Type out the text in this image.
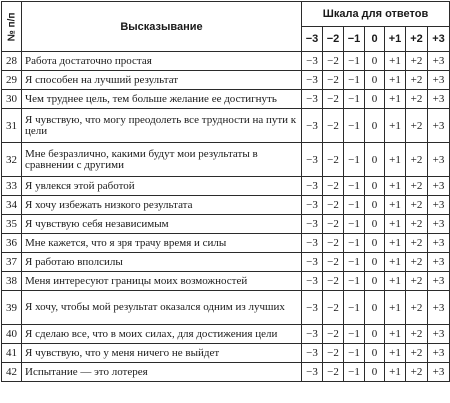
№ п/п	Высказывание	Шкала для ответов						
		−3	−2	−1	0	+1	+2	+3
28	Работа достаточно простая	−3	−2	−1	0	+1	+2	+3
29	Я способен на лучший результат	−3	−2	−1	0	+1	+2	+3
30	Чем труднее цель, тем больше желание ее достигнуть	−3	−2	−1	0	+1	+2	+3
31	Я чувствую, что могу преодолеть все трудности на пути к цели	−3	−2	−1	0	+1	+2	+3
32	Мне безразлично, какими будут мои результаты в сравнении с другими	−3	−2	−1	0	+1	+2	+3
33	Я увлекся этой работой	−3	−2	−1	0	+1	+2	+3
34	Я хочу избежать низкого результата	−3	−2	−1	0	+1	+2	+3
35	Я чувствую себя независимым	−3	−2	−1	0	+1	+2	+3
36	Мне кажется, что я зря трачу время и силы	−3	−2	−1	0	+1	+2	+3
37	Я работаю вполсилы	−3	−2	−1	0	+1	+2	+3
38	Меня интересуют границы моих возможностей	−3	−2	−1	0	+1	+2	+3
39	Я хочу, чтобы мой результат оказался одним из лучших	−3	−2	−1	0	+1	+2	+3
40	Я сделаю все, что в моих силах, для достижения цели	−3	−2	−1	0	+1	+2	+3
41	Я чувствую, что у меня ничего не выйдет	−3	−2	−1	0	+1	+2	+3
42	Испытание — это лотерея	−3	−2	−1	0	+1	+2	+3
